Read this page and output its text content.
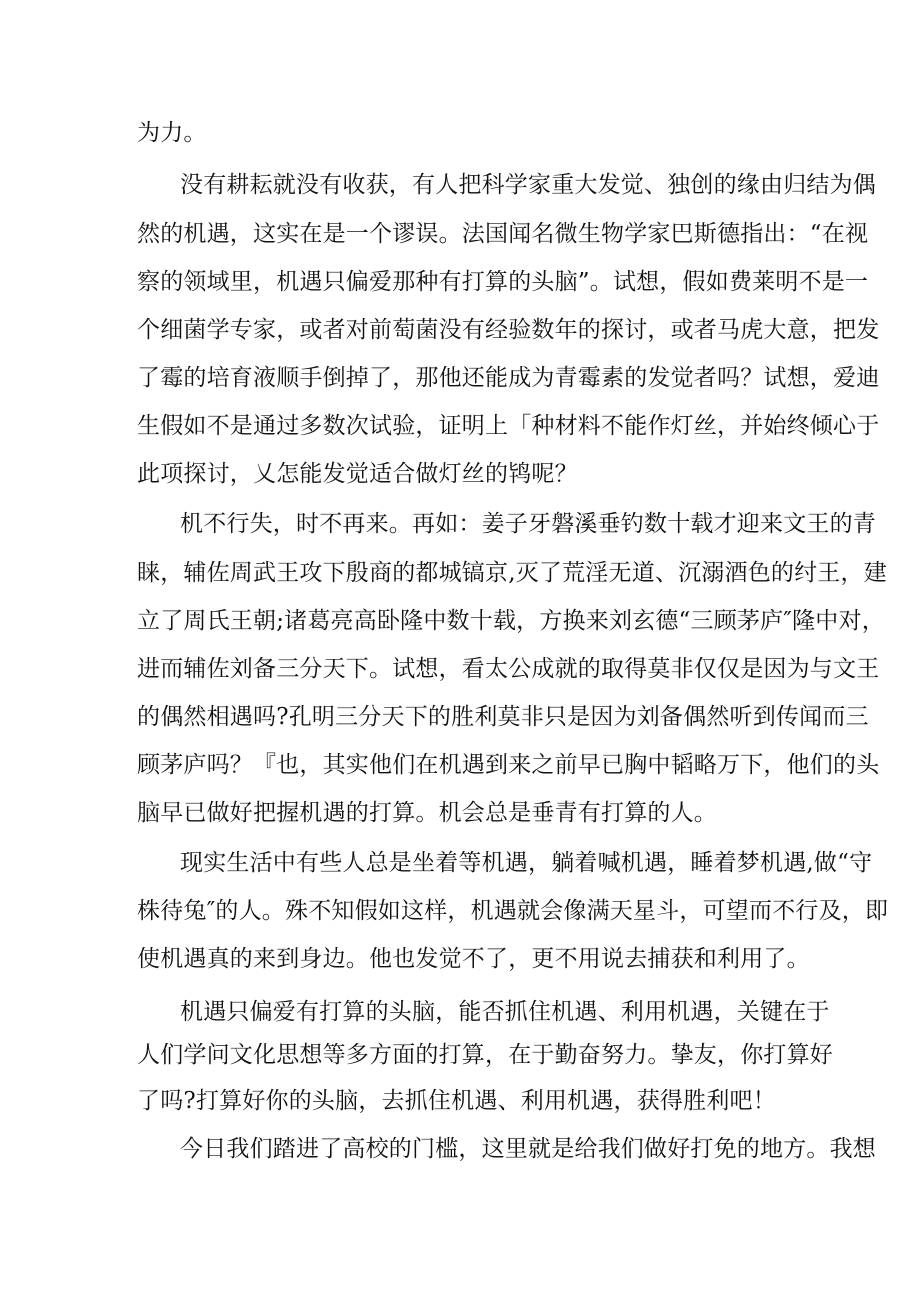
为力。
没有耕耘就没有收获，有人把科学家重大发觉、独创的缘由归结为偶
然的机遇，这实在是一个谬误。法国闻名微生物学家巴斯德指出：“在视
察的领域里，机遇只偏爱那种有打算的头脑”。试想，假如费莱明不是一
个细菌学专家，或者对前萄菌没有经验数年的探讨，或者马虎大意，把发
了霉的培育液顺手倒掉了，那他还能成为青霉素的发觉者吗？试想，爱迪
生假如不是通过多数次试验，证明上「种材料不能作灯丝，并始终倾心于
此项探讨，乂怎能发觉适合做灯丝的鸨呢？
机不行失，时不再来。再如：姜子牙磐溪垂钓数十载才迎来文王的青
睐，辅佐周武王攻下殷商的都城镐京,灭了荒淫无道、沉溺酒色的纣王，建
立了周氏王朝;诸葛亮高卧隆中数十载，方换来刘玄德“三顾茅庐″隆中对，
进而辅佐刘备三分天下。试想，看太公成就的取得莫非仅仅是因为与文王
的偶然相遇吗?孔明三分天下的胜利莫非只是因为刘备偶然听到传闻而三
顾茅庐吗？『也，其实他们在机遇到来之前早已胸中韬略万下，他们的头
脑早已做好把握机遇的打算。机会总是垂青有打算的人。
现实生活中有些人总是坐着等机遇，躺着喊机遇，睡着梦机遇,做“守
株待兔″的人。殊不知假如这样，机遇就会像满天星斗，可望而不行及，即
使机遇真的来到身边。他也发觉不了，更不用说去捕获和利用了。
机遇只偏爱有打算的头脑，能否抓住机遇、利用机遇，关键在于
人们学问文化思想等多方面的打算，在于勤奋努力。挚友，你打算好
了吗?打算好你的头脑，去抓住机遇、利用机遇，获得胜利吧！
今日我们踏进了高校的门槛，这里就是给我们做好打免的地方。我想
